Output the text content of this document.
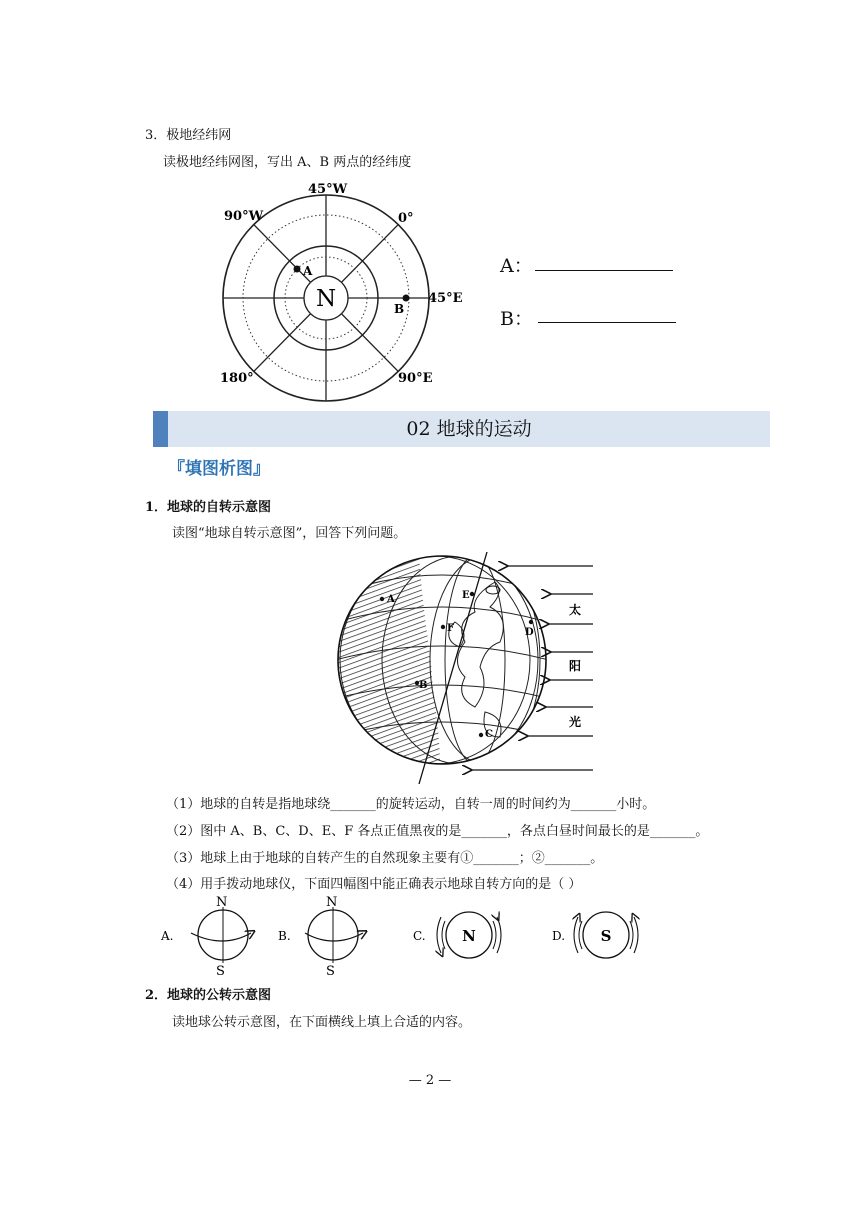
3．极地经纬网
读极地经纬网图，写出 A、B 两点的经纬度
N
A
B
45°W
90°W	0°
45°E
180°	90°E
A：
B：
02 地球的运动
『填图析图』
1．地球的自转示意图
读图“地球自转示意图”，回答下列问题。
太
阳
光
A
B
C
D
E
F
（1）地球的自转是指地球绕_______的旋转运动，自转一周的时间约为_______小时。
（2）图中 A、B、C、D、E、F 各点正值黑夜的是_______，各点白昼时间最长的是_______。
（3）地球上由于地球的自转产生的自然现象主要有①_______；②_______。
（4）用手拨动地球仪，下面四幅图中能正确表示地球自转方向的是（ ）
A.
N
S
B.
N
S
C. N	D. S
2．地球的公转示意图
读地球公转示意图，在下面横线上填上合适的内容。
— 2 —
